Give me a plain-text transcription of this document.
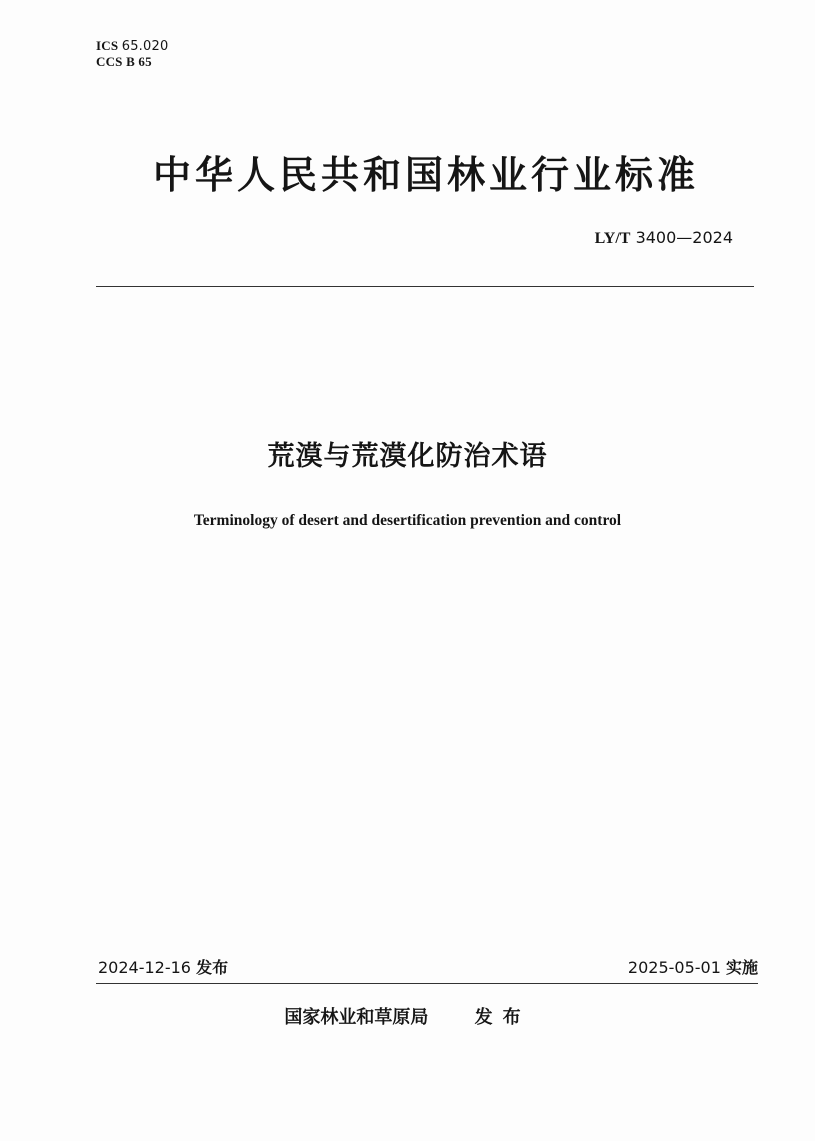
ICS 65.020
CCS B 65
中华人民共和国林业行业标准
LY/T 3400—2024
荒漠与荒漠化防治术语
Terminology of desert and desertification prevention and control
2024-12-16 发布	2025-05-01 实施
国家林业和草原局	发布
